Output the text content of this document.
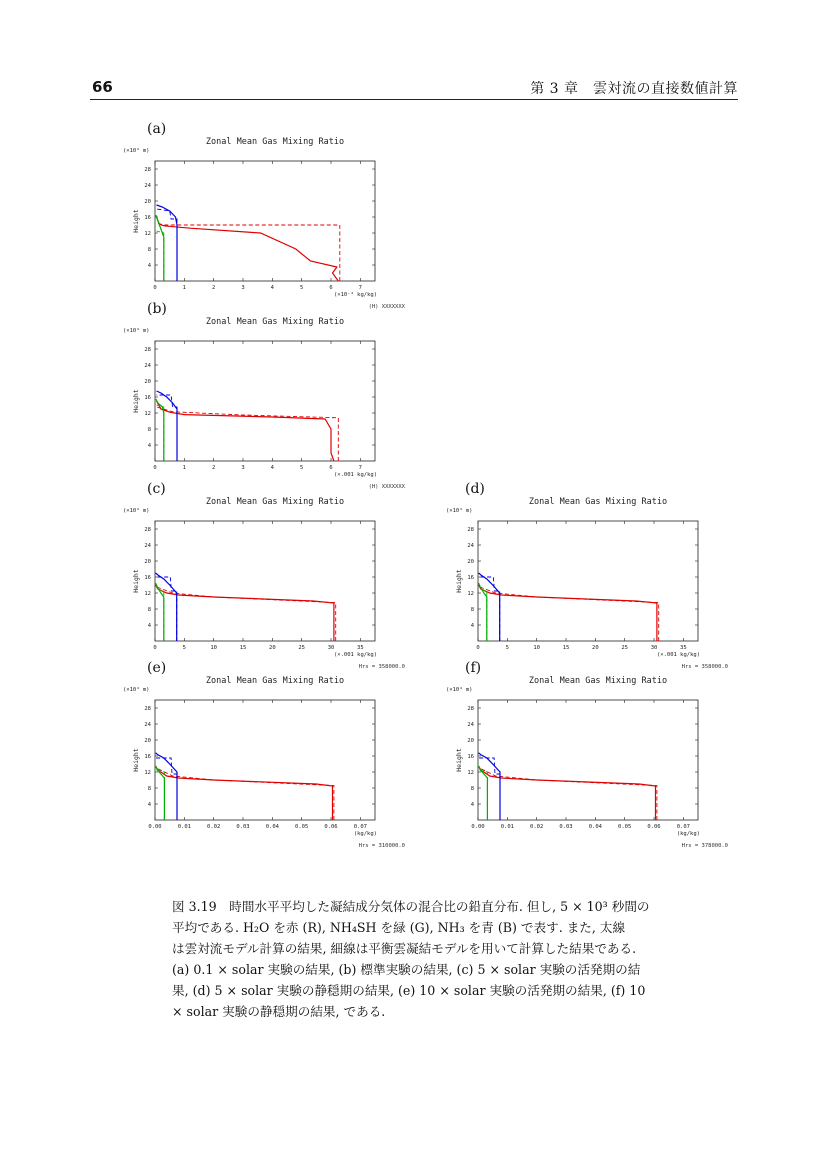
66	第 3 章　雲対流の直接数値計算
(a)
Zonal Mean Gas Mixing Ratio
(×10⁴ m)
Height
4
8
12
16
20
24
28
0	1	2	3	4	5	6	7
(×10⁻⁴ kg/kg)
(H) XXXXXXX
(b)
Zonal Mean Gas Mixing Ratio
(×10⁴ m)
Height
4
8
12
16
20
24
28
0	1	2	3	4	5	6	7
(×.001 kg/kg)
(H) XXXXXXX
(c)
Zonal Mean Gas Mixing Ratio
(×10⁴ m)
Height
4
8
12
16
20
24
28
0	5	10	15	20	25	30	35
(×.001 kg/kg)
Hrs = 358000.0
(d)
Zonal Mean Gas Mixing Ratio
(×10⁴ m)
Height
4
8
12
16
20
24
28
0	5	10	15	20	25	30	35
(×.001 kg/kg)
Hrs = 358000.0
(e)
Zonal Mean Gas Mixing Ratio
(×10⁴ m)
Height
4
8
12
16
20
24
28
0.00	0.01	0.02	0.03	0.04	0.05	0.06	0.07
(kg/kg)
Hrs = 310000.0
(f)
Zonal Mean Gas Mixing Ratio
(×10⁴ m)
Height
4
8
12
16
20
24
28
0.00	0.01	0.02	0.03	0.04	0.05	0.06	0.07
(kg/kg)
Hrs = 378000.0
図 3.19　時間水平平均した凝結成分気体の混合比の鉛直分布. 但し, 5 × 10³ 秒間の
平均である. H₂O を赤 (R), NH₄SH を緑 (G), NH₃ を青 (B) で表す. また, 太線
は雲対流モデル計算の結果, 細線は平衡雲凝結モデルを用いて計算した結果である.
(a) 0.1 × solar 実験の結果, (b) 標準実験の結果, (c) 5 × solar 実験の活発期の結
果, (d) 5 × solar 実験の静穏期の結果, (e) 10 × solar 実験の活発期の結果, (f) 10
× solar 実験の静穏期の結果, である.
